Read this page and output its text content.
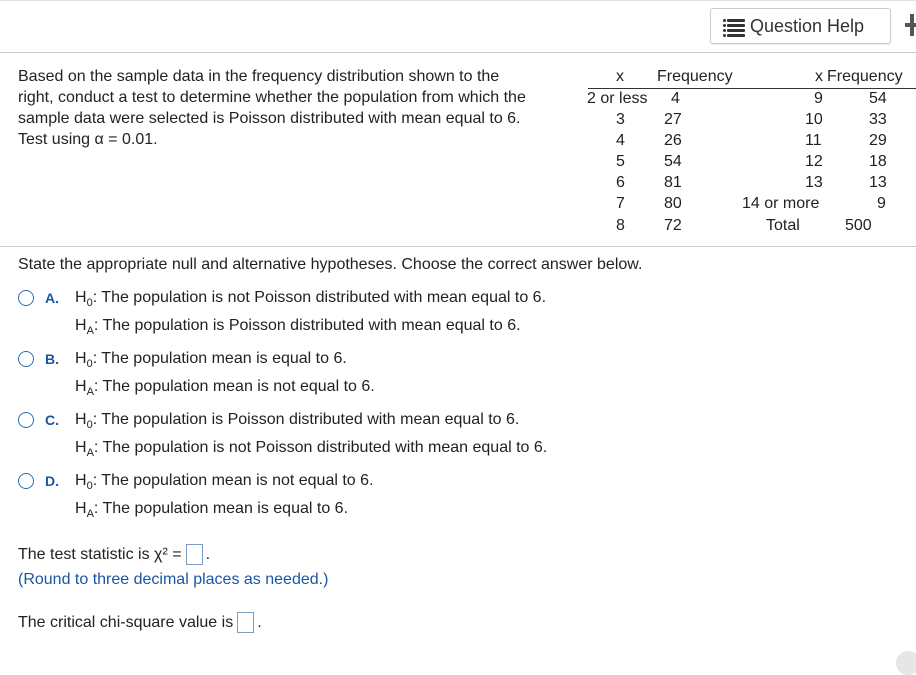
Question Help
Based on the sample data in the frequency distribution shown to the
right, conduct a test to determine whether the population from which the
sample data were selected is Poisson distributed with mean equal to 6.
Test using α = 0.01.
x Frequency
2 or less 4
3 27
4 26
5 54
6 81
7 80
8 72
x Frequency
9	54
10	33
11	29
12	18
13	13
14 or more	9
Total	500
State the appropriate null and alternative hypotheses. Choose the correct answer below.
A. $H_0$: The population is not Poisson distributed with mean equal to 6.
$H_A$: The population is Poisson distributed with mean equal to 6.
B. $H_0$: The population mean is equal to 6.
$H_A$: The population mean is not equal to 6.
C. $H_0$: The population is Poisson distributed with mean equal to 6.
$H_A$: The population is not Poisson distributed with mean equal to 6.
D. $H_0$: The population mean is not equal to 6.
$H_A$: The population mean is equal to 6.
The test statistic is χ² = .
(Round to three decimal places as needed.)
The critical chi-square value is .
